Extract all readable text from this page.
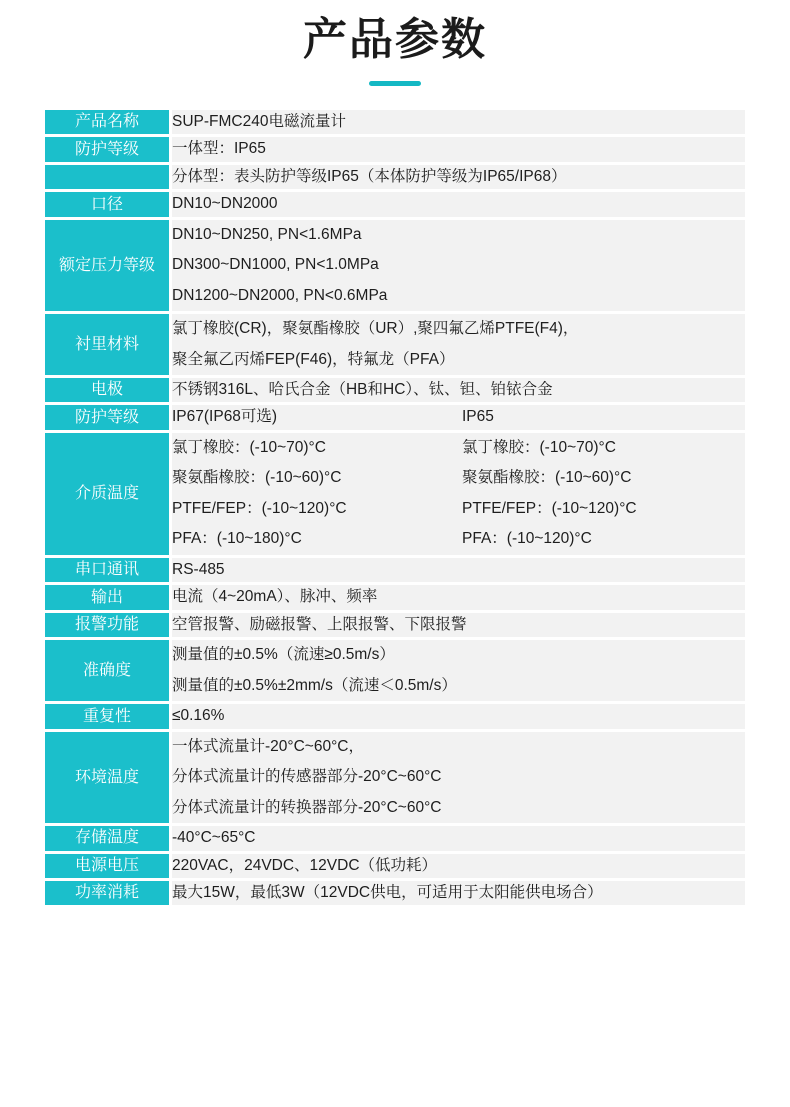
产品参数
产品名称	SUP-FMC240电磁流量计

防护等级	一体型：IP65

	分体型：表头防护等级IP65（本体防护等级为IP65/IP68）

口径	DN10~DN2000

额定压力等级	DN10~DN250, PN<1.6MPa
DN300~DN1000, PN<1.0MPa
DN1200~DN2000, PN<0.6MPa

衬里材料	氯丁橡胶(CR)，聚氨酯橡胶（UR）,聚四氟乙烯PTFE(F4)，
聚全氟乙丙烯FEP(F46)，特氟龙（PFA）

电极	不锈钢316L、哈氏合金（HB和HC）、钛、钽、铂铱合金

防护等级	IP67(IP68可选) IP65

介质温度	
氯丁橡胶：(-10~70)°C	氯丁橡胶：(-10~70)°C
聚氨酯橡胶：(-10~60)°C	聚氨酯橡胶：(-10~60)°C
PTFE/FEP：(-10~120)°C	PTFE/FEP：(-10~120)°C
PFA：(-10~180)°C	PFA：(-10~120)°C

串口通讯	RS-485

输出	电流（4~20mA）、脉冲、频率

报警功能	空管报警、励磁报警、上限报警、下限报警

准确度	测量值的±0.5%（流速≥0.5m/s）
测量值的±0.5%±2mm/s（流速＜0.5m/s）

重复性	≤0.16%

环境温度	一体式流量计-20°C~60°C，
分体式流量计的传感器部分-20°C~60°C
分体式流量计的转换器部分-20°C~60°C

存储温度	-40°C~65°C

电源电压	220VAC，24VDC、12VDC（低功耗）

功率消耗	最大15W，最低3W（12VDC供电，可适用于太阳能供电场合）
